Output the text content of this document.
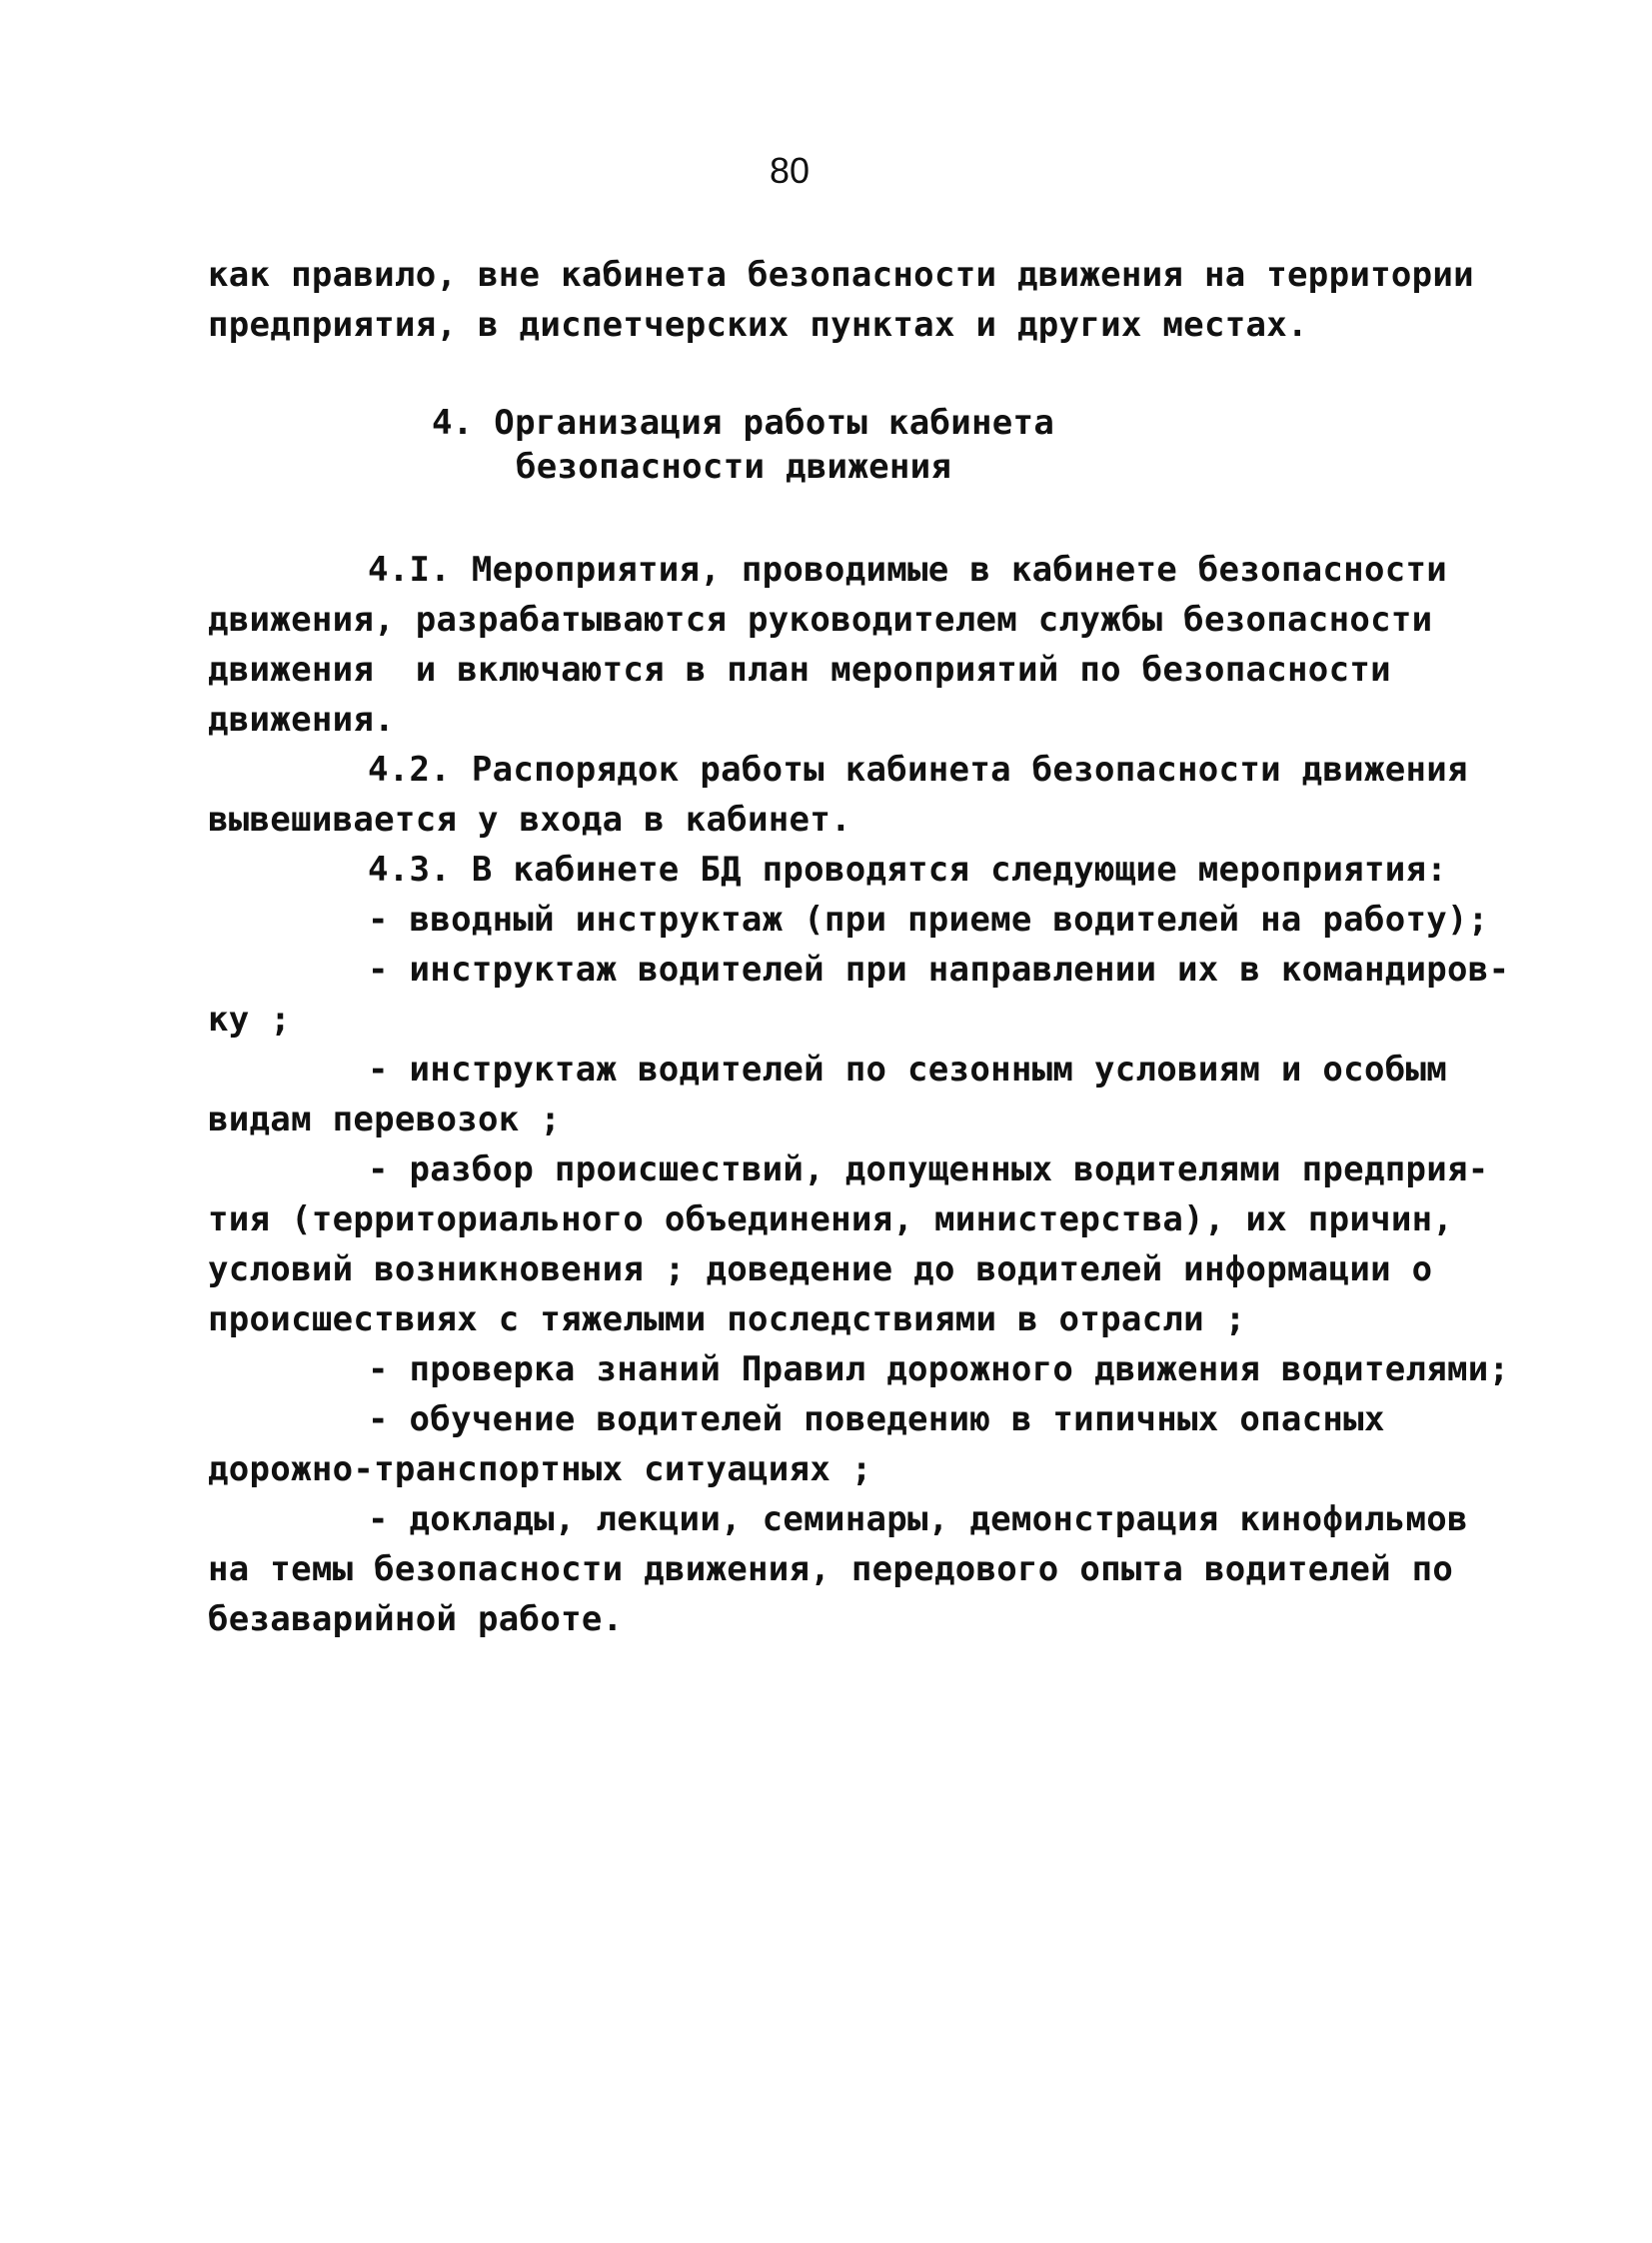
80
как правило, вне кабинета безопасности движения на территории
предприятия, в диспетчерских пунктах и других местах.
4. Организация работы кабинета
безопасности движения
4.I. Мероприятия, проводимые в кабинете безопасности
движения, разрабатываются руководителем службы безопасности
движения  и включаются в план мероприятий по безопасности
движения.
4.2. Распорядок работы кабинета безопасности движения
вывешивается у входа в кабинет.
4.3. В кабинете БД проводятся следующие мероприятия:
- вводный инструктаж (при приеме водителей на работу);
- инструктаж водителей при направлении их в командиров-
ку ;
- инструктаж водителей по сезонным условиям и особым
видам перевозок ;
- разбор происшествий, допущенных водителями предприя-
тия (территориального объединения, министерства), их причин,
условий возникновения ; доведение до водителей информации о
происшествиях с тяжелыми последствиями в отрасли ;
- проверка знаний Правил дорожного движения водителями;
- обучение водителей поведению в типичных опасных
дорожно-транспортных ситуациях ;
- доклады, лекции, семинары, демонстрация кинофильмов
на темы безопасности движения, передового опыта водителей по
безаварийной работе.
